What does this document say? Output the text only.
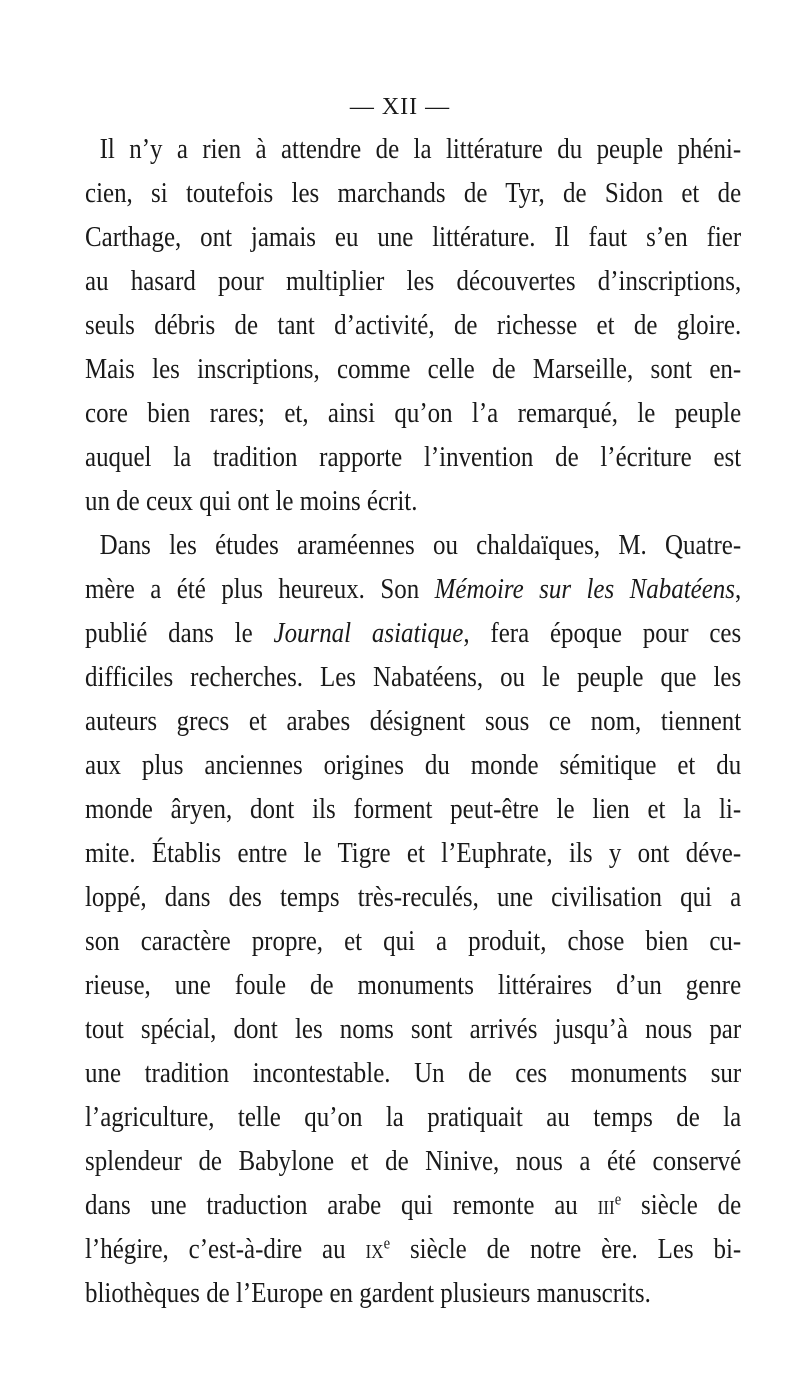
— XII —
Il n’y a rien à attendre de la littérature du peuple phéni-
cien, si toutefois les marchands de Tyr, de Sidon et de
Carthage, ont jamais eu une littérature. Il faut s’en fier
au hasard pour multiplier les découvertes d’inscriptions,
seuls débris de tant d’activité, de richesse et de gloire.
Mais les inscriptions, comme celle de Marseille, sont en-
core bien rares; et, ainsi qu’on l’a remarqué, le peuple
auquel la tradition rapporte l’invention de l’écriture est
un de ceux qui ont le moins écrit.
Dans les études araméennes ou chaldaïques, M. Quatre-
mère a été plus heureux. Son Mémoire sur les Nabatéens,
publié dans le Journal asiatique, fera époque pour ces
difficiles recherches. Les Nabatéens, ou le peuple que les
auteurs grecs et arabes désignent sous ce nom, tiennent
aux plus anciennes origines du monde sémitique et du
monde âryen, dont ils forment peut-être le lien et la li-
mite. Établis entre le Tigre et l’Euphrate, ils y ont déve-
loppé, dans des temps très-reculés, une civilisation qui a
son caractère propre, et qui a produit, chose bien cu-
rieuse, une foule de monuments littéraires d’un genre
tout spécial, dont les noms sont arrivés jusqu’à nous par
une tradition incontestable. Un de ces monuments sur
l’agriculture, telle qu’on la pratiquait au temps de la
splendeur de Babylone et de Ninive, nous a été conservé
dans une traduction arabe qui remonte au iii$^e$ siècle de
l’hégire, c’est-à-dire au $ix^e$ siècle de notre ère. Les bi-
bliothèques de l’Europe en gardent plusieurs manuscrits.
